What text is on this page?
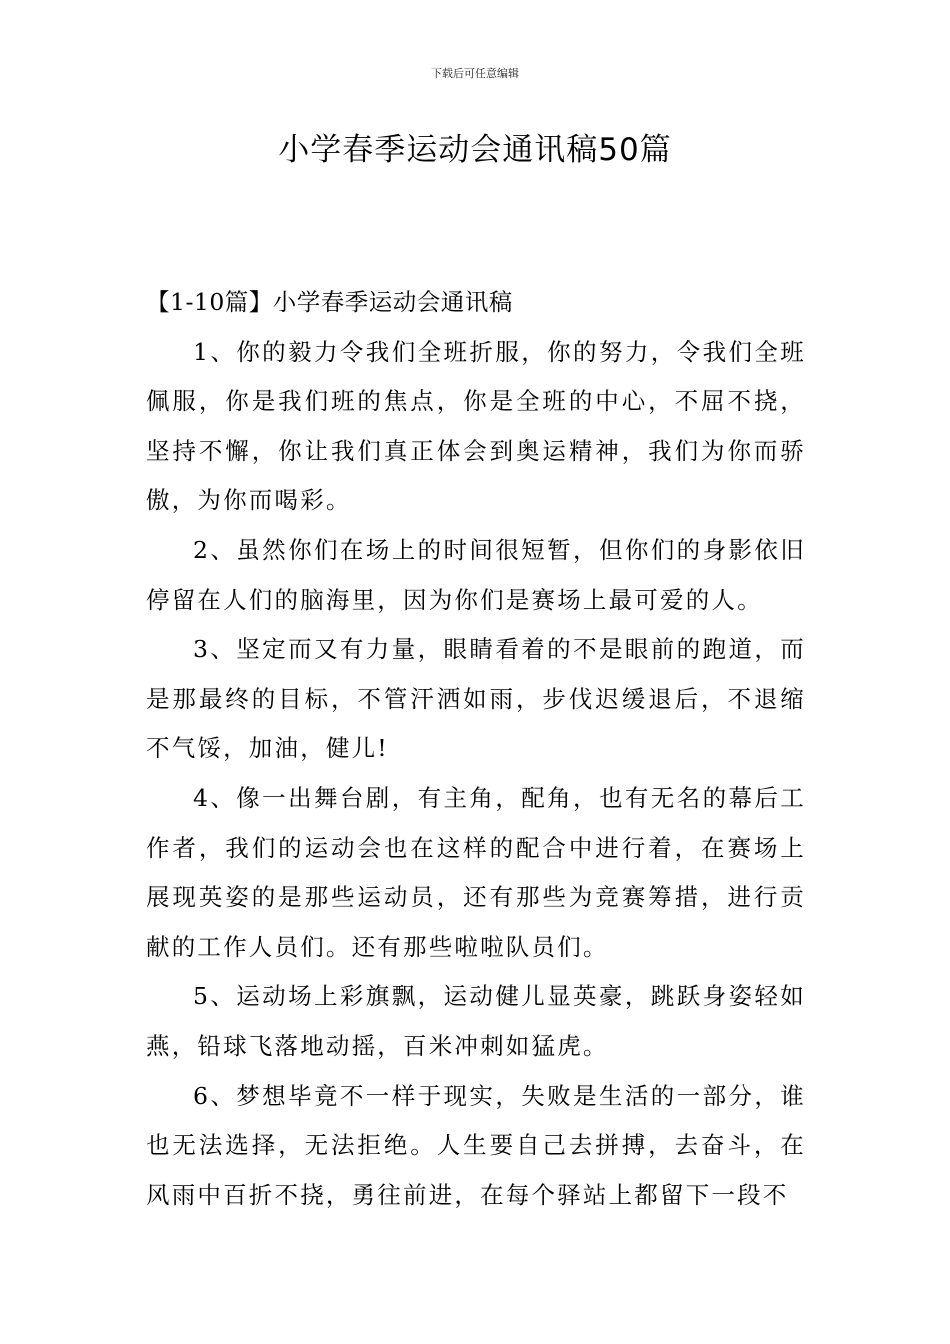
下载后可任意编辑
小学春季运动会通讯稿50篇

【1-10篇】小学春季运动会通讯稿

1、你的毅力令我们全班折服，你的努力，令我们全班佩服，你是我们班的焦点，你是全班的中心，不屈不挠，坚持不懈，你让我们真正体会到奥运精神，我们为你而骄傲，为你而喝彩。

2、虽然你们在场上的时间很短暂，但你们的身影依旧停留在人们的脑海里，因为你们是赛场上最可爱的人。

3、坚定而又有力量，眼睛看着的不是眼前的跑道，而是那最终的目标，不管汗洒如雨，步伐迟缓退后，不退缩不气馁，加油，健儿!

4、像一出舞台剧，有主角，配角，也有无名的幕后工作者，我们的运动会也在这样的配合中进行着，在赛场上展现英姿的是那些运动员，还有那些为竞赛筹措，进行贡献的工作人员们。还有那些啦啦队员们。

5、运动场上彩旗飘，运动健儿显英豪，跳跃身姿轻如燕，铅球飞落地动摇，百米冲刺如猛虎。

6、梦想毕竟不一样于现实，失败是生活的一部分，谁也无法选择，无法拒绝。人生要自己去拼搏，去奋斗，在风雨中百折不挠，勇往前进，在每个驿站上都留下一段不
